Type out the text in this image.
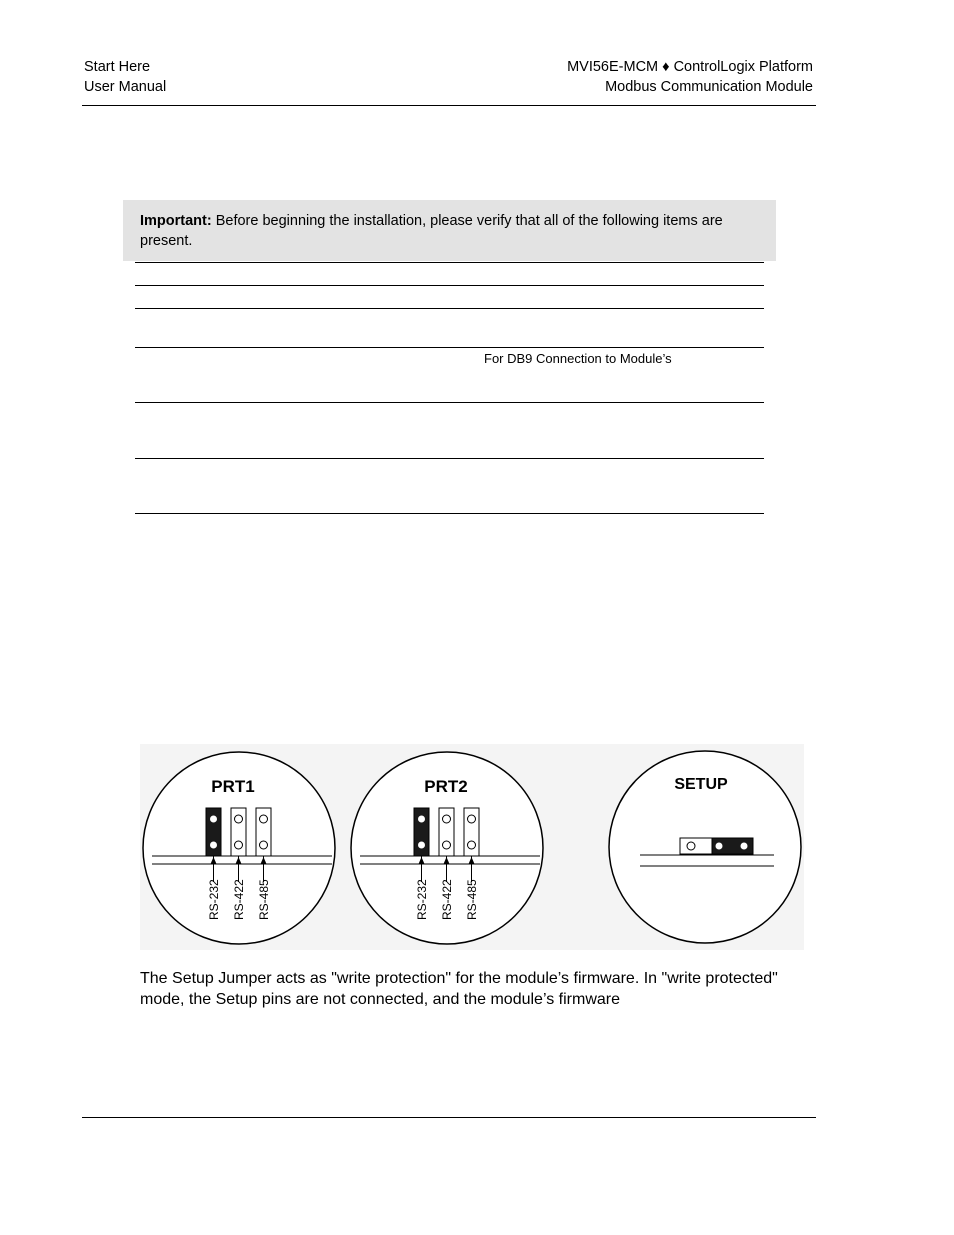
Start Here
User Manual
MVI56E-MCM ♦ ControlLogix Platform
Modbus Communication Module
Important: Before beginning the installation, please verify that all of the following items are present.
For DB9 Connection to Module’s
PRT1
RS-232 RS-422 RS-485
PRT2
RS-232 RS-422 RS-485
SETUP
The Setup Jumper acts as "write protection" for the module’s firmware. In "write protected" mode, the Setup pins are not connected, and the module’s firmware
